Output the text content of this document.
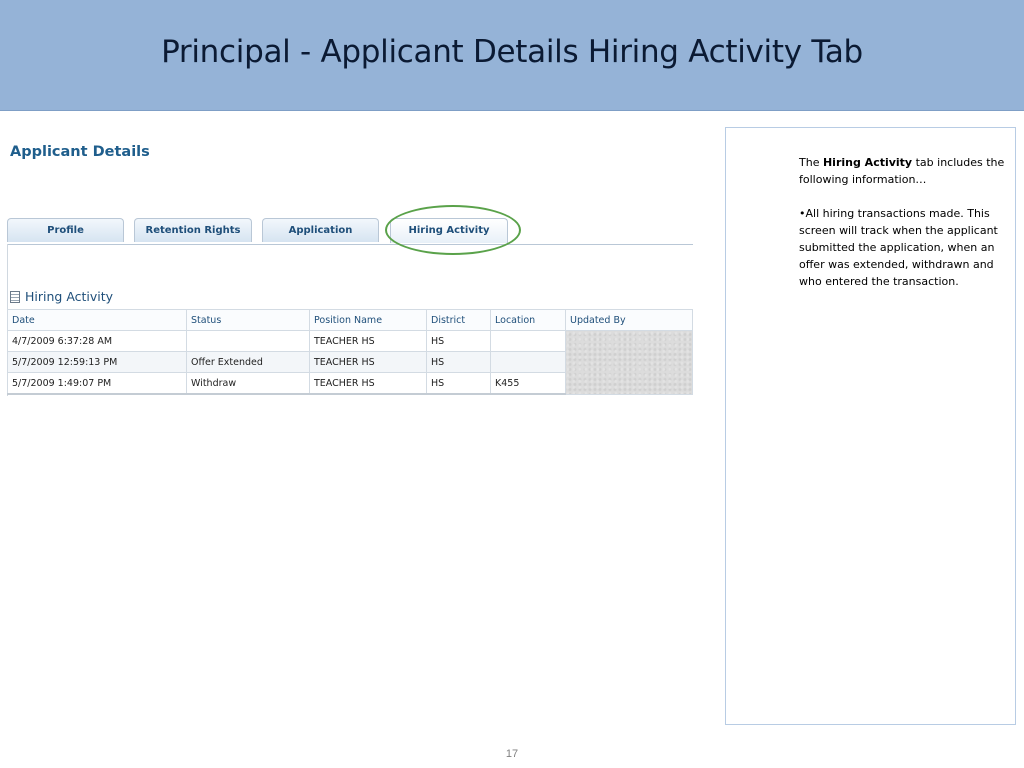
Principal - Applicant Details Hiring Activity Tab
Applicant Details
Profile	Retention Rights	Application	Hiring Activity
Hiring Activity
Date	Status	Position Name	District	Location	Updated By
4/7/2009 6:37:28 AM		TEACHER HS	HS		
5/7/2009 12:59:13 PM	Offer Extended	TEACHER HS	HS		
5/7/2009 1:49:07 PM	Withdraw	TEACHER HS	HS	K455	

The Hiring Activity tab includes the following information…

•All hiring transactions made. This screen will track when the applicant submitted the application, when an offer was extended, withdrawn and who entered the transaction.

17
